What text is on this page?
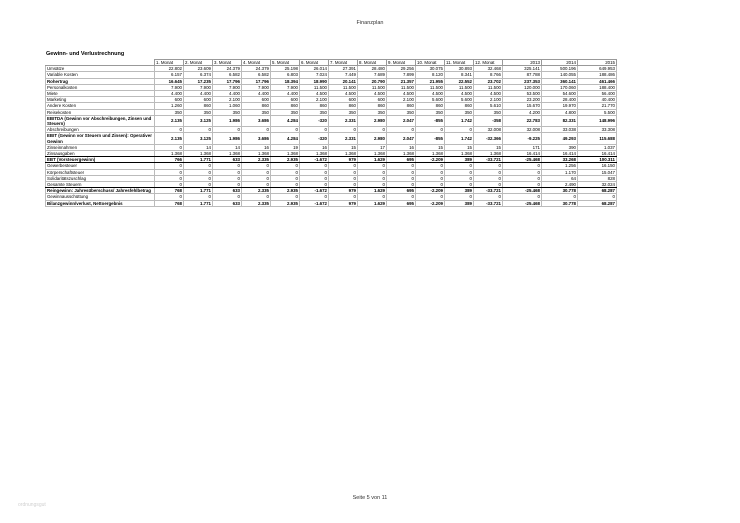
Finanzplan
Gewinn- und Verlustrechnung
	1. Monat	2. Monat	3. Monat	4. Monat	5. Monat	6. Monat	7. Monat	8. Monat	9. Monat	10. Monat	11. Monat	12. Monat	2013	2014	2015
Umsätze	22.802	23.609	24.379	24.379	25.198	26.014	27.391	28.480	29.256	30.075	30.893	32.468	325.141	500.196	649.953
Variable Kosten	6.157	6.374	6.582	6.582	6.803	7.024	7.449	7.689	7.899	8.120	8.341	8.766	87.788	140.055	188.486
Rohertrag	16.645	17.235	17.796	17.796	18.394	18.990	20.141	20.790	21.357	21.955	22.552	23.702	237.353	360.141	461.466
Personalkosten	7.900	7.900	7.900	7.900	7.900	11.500	11.500	11.500	11.500	11.500	11.500	11.500	120.000	170.060	188.400
Miete	4.400	4.400	4.400	4.400	4.400	4.500	4.500	4.500	4.500	4.500	4.500	4.500	53.500	54.600	56.400
Marketing	600	600	2.100	600	600	2.100	600	600	2.100	5.600	5.600	2.100	23.200	28.400	40.400
Andere Kosten	1.260	860	1.060	860	860	860	860	860	860	860	860	5.610	15.670	19.970	21.770
Reisekosten	350	350	350	350	350	350	350	350	350	350	350	350	4.200	4.800	5.500
EBITDA (Gewinn vor Abschreibungen, Zinsen und Steuern)	2.135	3.125	1.986	3.686	4.284	-320	2.331	2.980	2.047	-855	1.742	-358	22.783	82.331	148.996
Abschreibungen	0	0	0	0	0	0	0	0	0	0	0	32.008	32.008	33.038	33.308
EBIT (Gewinn vor Steuern und Zinsen): Operativer Gewinn	2.135	3.125	1.986	3.686	4.284	-320	2.331	2.980	2.047	-855	1.742	-32.366	-9.225	49.293	115.688
Zinseinnahmen	0	14	14	16	19	16	15	17	16	15	15	15	171	390	1.037
Zinsausgaben	1.368	1.368	1.368	1.368	1.368	1.368	1.368	1.368	1.368	1.368	1.368	1.368	16.414	16.414	16.414
EBT (Vorsteuergewinn)	766	1.771	633	2.335	2.935	-1.672	979	1.629	695	-2.209	389	-33.721	-25.468	33.268	100.311
Gewerbesteuer	0	0	0	0	0	0	0	0	0	0	0	0	0	1.256	16.150
Körperschaftsteuer	0	0	0	0	0	0	0	0	0	0	0	0	0	1.170	15.047
Solidaritätszuschlag	0	0	0	0	0	0	0	0	0	0	0	0	0	64	828
Gesamte Steuern	0	0	0	0	0	0	0	0	0	0	0	0	0	2.490	32.024
Reingewinn: Jahresüberschuss/ Jahresfehlbetrag	768	1.771	633	2.335	2.935	-1.672	979	1.629	695	-2.209	389	-33.721	-25.468	30.778	68.287
Gewinnausschüttung	0	0	0	0	0	0	0	0	0	0	0	0	0	0	0
Bilanzgewinn/verlust, Nettoergebnis	768	1.771	633	2.335	2.935	-1.672	979	1.629	695	-2.209	389	-33.721	-25.468	30.778	68.287
Seite 5 von 11
ordnungsgut
